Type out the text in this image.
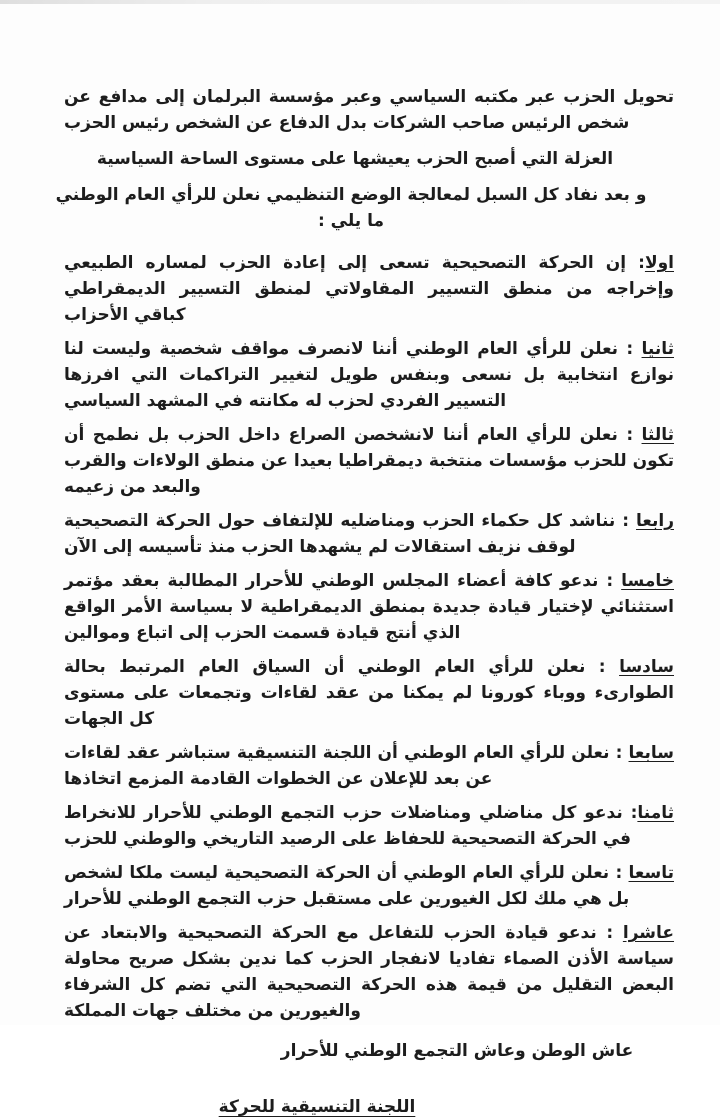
تحويل الحزب عبر مكتبه السياسي وعبر مؤسسة البرلمان إلى مدافع عن شخص الرئيس صاحب الشركات بدل الدفاع عن الشخص رئيس الحزب

العزلة التي أصبح الحزب يعيشها على مستوى الساحة السياسية

و بعد نفاد كل السبل لمعالجة الوضع التنظيمي نعلن للرأي العام الوطني ما يلي :

اولا: إن الحركة التصحيحية تسعى إلى إعادة الحزب لمساره الطبيعي وإخراجه من منطق التسيير المقاولاتي لمنطق التسيير الديمقراطي كباقي الأحزاب

ثانيا : نعلن للرأي العام الوطني أننا لانصرف مواقف شخصية وليست لنا نوازع انتخابية بل نسعى وبنفس طويل لتغيير التراكمات التي افرزها التسيير الفردي لحزب له مكانته في المشهد السياسي

ثالثا : نعلن للرأي العام أننا لانشخصن الصراع داخل الحزب بل نطمح أن تكون للحزب مؤسسات منتخبة ديمقراطيا بعيدا عن منطق الولاءات والقرب والبعد من زعيمه

رابعا : نناشد كل حكماء الحزب ومناضليه للإلتفاف حول الحركة التصحيحية لوقف نزيف استقالات لم يشهدها الحزب منذ تأسيسه إلى الآن

خامسا : ندعو كافة أعضاء المجلس الوطني للأحرار المطالبة بعقد مؤتمر استثنائي لإختيار قيادة جديدة بمنطق الديمقراطية لا بسياسة الأمر الواقع الذي أنتج قيادة قسمت الحزب إلى اتباع وموالين

سادسا : نعلن للرأي العام الوطني أن السياق العام المرتبط بحالة الطوارىء ووباء كورونا لم يمكنا من عقد لقاءات وتجمعات على مستوى كل الجهات

سابعا : نعلن للرأي العام الوطني أن اللجنة التنسيقية ستباشر عقد لقاءات عن بعد للإعلان عن الخطوات القادمة المزمع اتخاذها

ثامنا: ندعو كل مناضلي ومناضلات حزب التجمع الوطني للأحرار للانخراط في الحركة التصحيحية للحفاظ على الرصيد التاريخي والوطني للحزب

تاسعا : نعلن للرأي العام الوطني أن الحركة التصحيحية ليست ملكا لشخص بل هي ملك لكل الغيورين على مستقبل حزب التجمع الوطني للأحرار

عاشرا : ندعو قيادة الحزب للتفاعل مع الحركة التصحيحية والابتعاد عن سياسة الأذن الصماء تفاديا لانفجار الحزب كما ندين بشكل صريح محاولة البعض التقليل من قيمة هذه الحركة التصحيحية التي تضم كل الشرفاء والغيورين من مختلف جهات المملكة

عاش الوطن وعاش التجمع الوطني للأحرار

اللجنة التنسيقية للحركة
